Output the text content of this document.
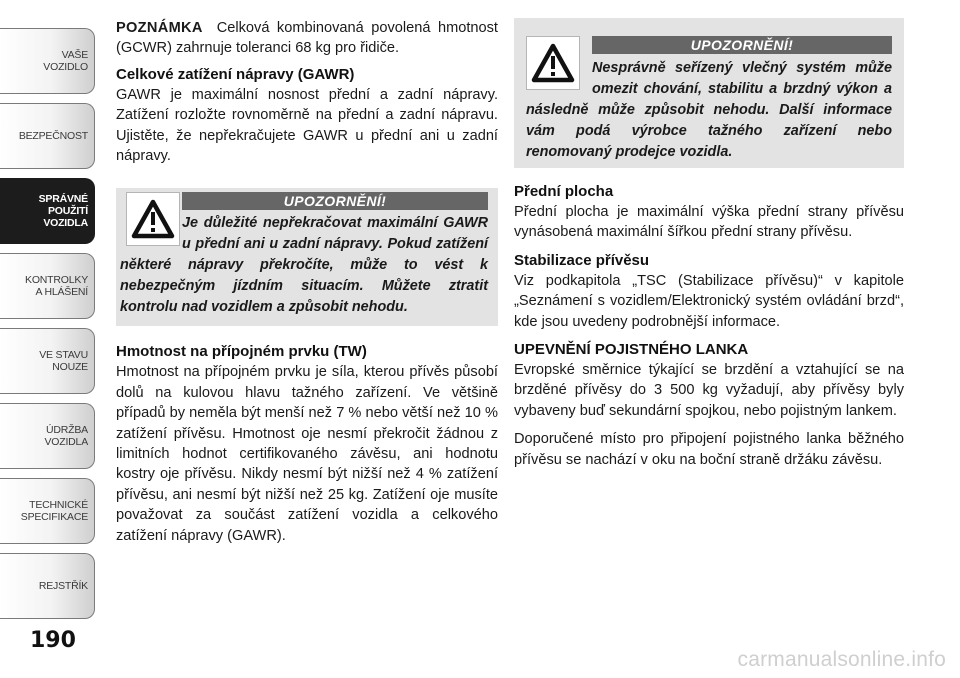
VAŠE
VOZIDLO
BEZPEČNOST
SPRÁVNÉ
POUŽITÍ
VOZIDLA
KONTROLKY
A HLÁŠENÍ
VE STAVU
NOUZE
ÚDRŽBA
VOZIDLA
TECHNICKÉ
SPECIFIKACE
REJSTŘÍK
190
carmanualsonline.info

POZNÁMKA Celková kombinovaná povolená hmotnost (GCWR) zahrnuje toleranci 68 kg pro řidiče.

Celkové zatížení nápravy (GAWR)

GAWR je maximální nosnost přední a zadní nápravy. Zatížení rozložte rovnoměrně na přední a zadní nápravu. Ujistěte, že nepřekračujete GAWR u přední ani u zadní nápravy.

UPOZORNĚNÍ!
Je důležité nepřekračovat maximální GAWR u přední ani u zadní nápravy. Pokud zatížení některé nápravy překročíte, může to vést k nebezpečným jízdním situacím. Můžete ztratit kontrolu nad vozidlem a způsobit nehodu.
Hmotnost na přípojném prvku (TW)

Hmotnost na přípojném prvku je síla, kterou přívěs působí dolů na kulovou hlavu tažného zařízení. Ve většině případů by neměla být menší než 7 % nebo větší než 10 % zatížení přívěsu. Hmotnost oje nesmí překročit žádnou z limitních hodnot certifikovaného závěsu, ani hodnotu kostry oje přívěsu. Nikdy nesmí být nižší než 4 % zatížení přívěsu, ani nesmí být nižší než 25 kg. Zatížení oje musíte považovat za součást zatížení vozidla a celkového zatížení nápravy (GAWR).

UPOZORNĚNÍ!
Nesprávně seřízený vlečný systém může omezit chování, stabilitu a brzdný výkon a následně může způsobit nehodu. Další informace vám podá výrobce tažného zařízení nebo renomovaný prodejce vozidla.
Přední plocha

Přední plocha je maximální výška přední strany přívěsu vynásobená maximální šířkou přední strany přívěsu.

Stabilizace přívěsu

Viz podkapitola „TSC (Stabilizace přívěsu)“ v kapitole „Seznámení s vozidlem/Elektronický systém ovládání brzd“, kde jsou uvedeny podrobnější informace.

UPEVNĚNÍ POJISTNÉHO LANKA

Evropské směrnice týkající se brzdění a vztahující se na brzděné přívěsy do 3 500 kg vyžadují, aby přívěsy byly vybaveny buď sekundární spojkou, nebo pojistným lankem.

Doporučené místo pro připojení pojistného lanka běžného přívěsu se nachází v oku na boční straně držáku závěsu.
